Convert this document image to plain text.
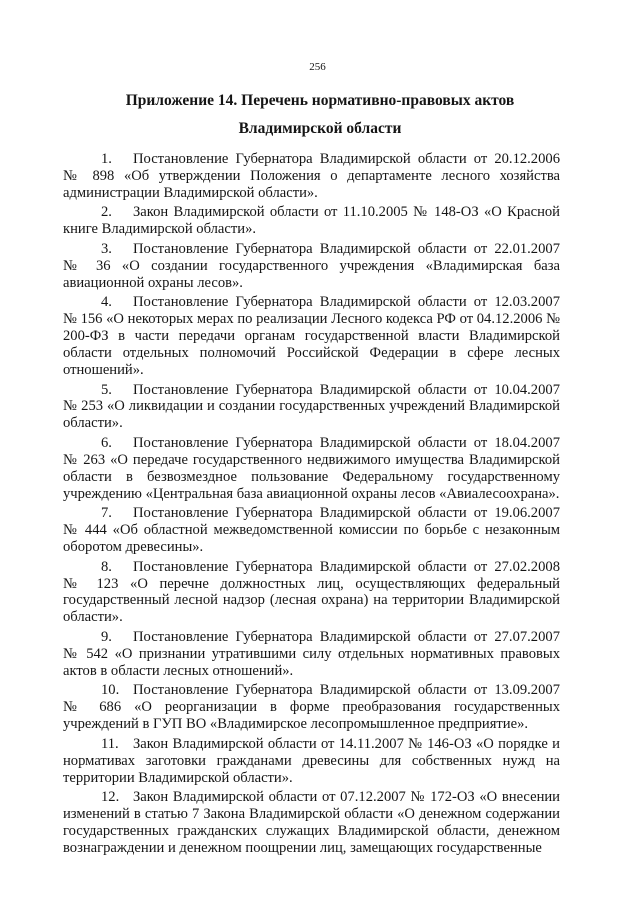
256
Приложение 14. Перечень нормативно-правовых актов
Владимирской области

1. Постановление Губернатора Владимирской области от 20.12.2006 № 898 «Об утверждении Положения о департаменте лесного хозяйства администрации Владимирской области».

2. Закон Владимирской области от 11.10.2005 № 148-ОЗ «О Красной книге Владимирской области».

3. Постановление Губернатора Владимирской области от 22.01.2007 № 36 «О создании государственного учреждения «Владимирская база авиационной охраны лесов».

4. Постановление Губернатора Владимирской области от 12.03.2007 № 156 «О некоторых мерах по реализации Лесного кодекса РФ от 04.12.2006 № 200-ФЗ в части передачи органам государственной власти Владимирской области отдельных полномочий Российской Федерации в сфере лесных отношений».

5. Постановление Губернатора Владимирской области от 10.04.2007 № 253 «О ликвидации и создании государственных учреждений Владимирской области».

6. Постановление Губернатора Владимирской области от 18.04.2007 № 263 «О передаче государственного недвижимого имущества Владимирской области в безвозмездное пользование Федеральному государственному учреждению «Центральная база авиационной охраны лесов «Авиалесоохрана».

7. Постановление Губернатора Владимирской области от 19.06.2007 № 444 «Об областной межведомственной комиссии по борьбе с незаконным оборотом древесины».

8. Постановление Губернатора Владимирской области от 27.02.2008 № 123 «О перечне должностных лиц, осуществляющих федеральный государственный лесной надзор (лесная охрана) на территории Владимирской области».

9. Постановление Губернатора Владимирской области от 27.07.2007 № 542 «О признании утратившими силу отдельных нормативных правовых актов в области лесных отношений».

10. Постановление Губернатора Владимирской области от 13.09.2007 № 686 «О реорганизации в форме преобразования государственных учреждений в ГУП ВО «Владимирское лесопромышленное предприятие».

11. Закон Владимирской области от 14.11.2007 № 146-ОЗ «О порядке и нормативах заготовки гражданами древесины для собственных нужд на территории Владимирской области».

12. Закон Владимирской области от 07.12.2007 № 172-ОЗ «О внесении изменений в статью 7 Закона Владимирской области «О денежном содержании государственных гражданских служащих Владимирской области, денежном вознаграждении и денежном поощрении лиц, замещающих государственные
